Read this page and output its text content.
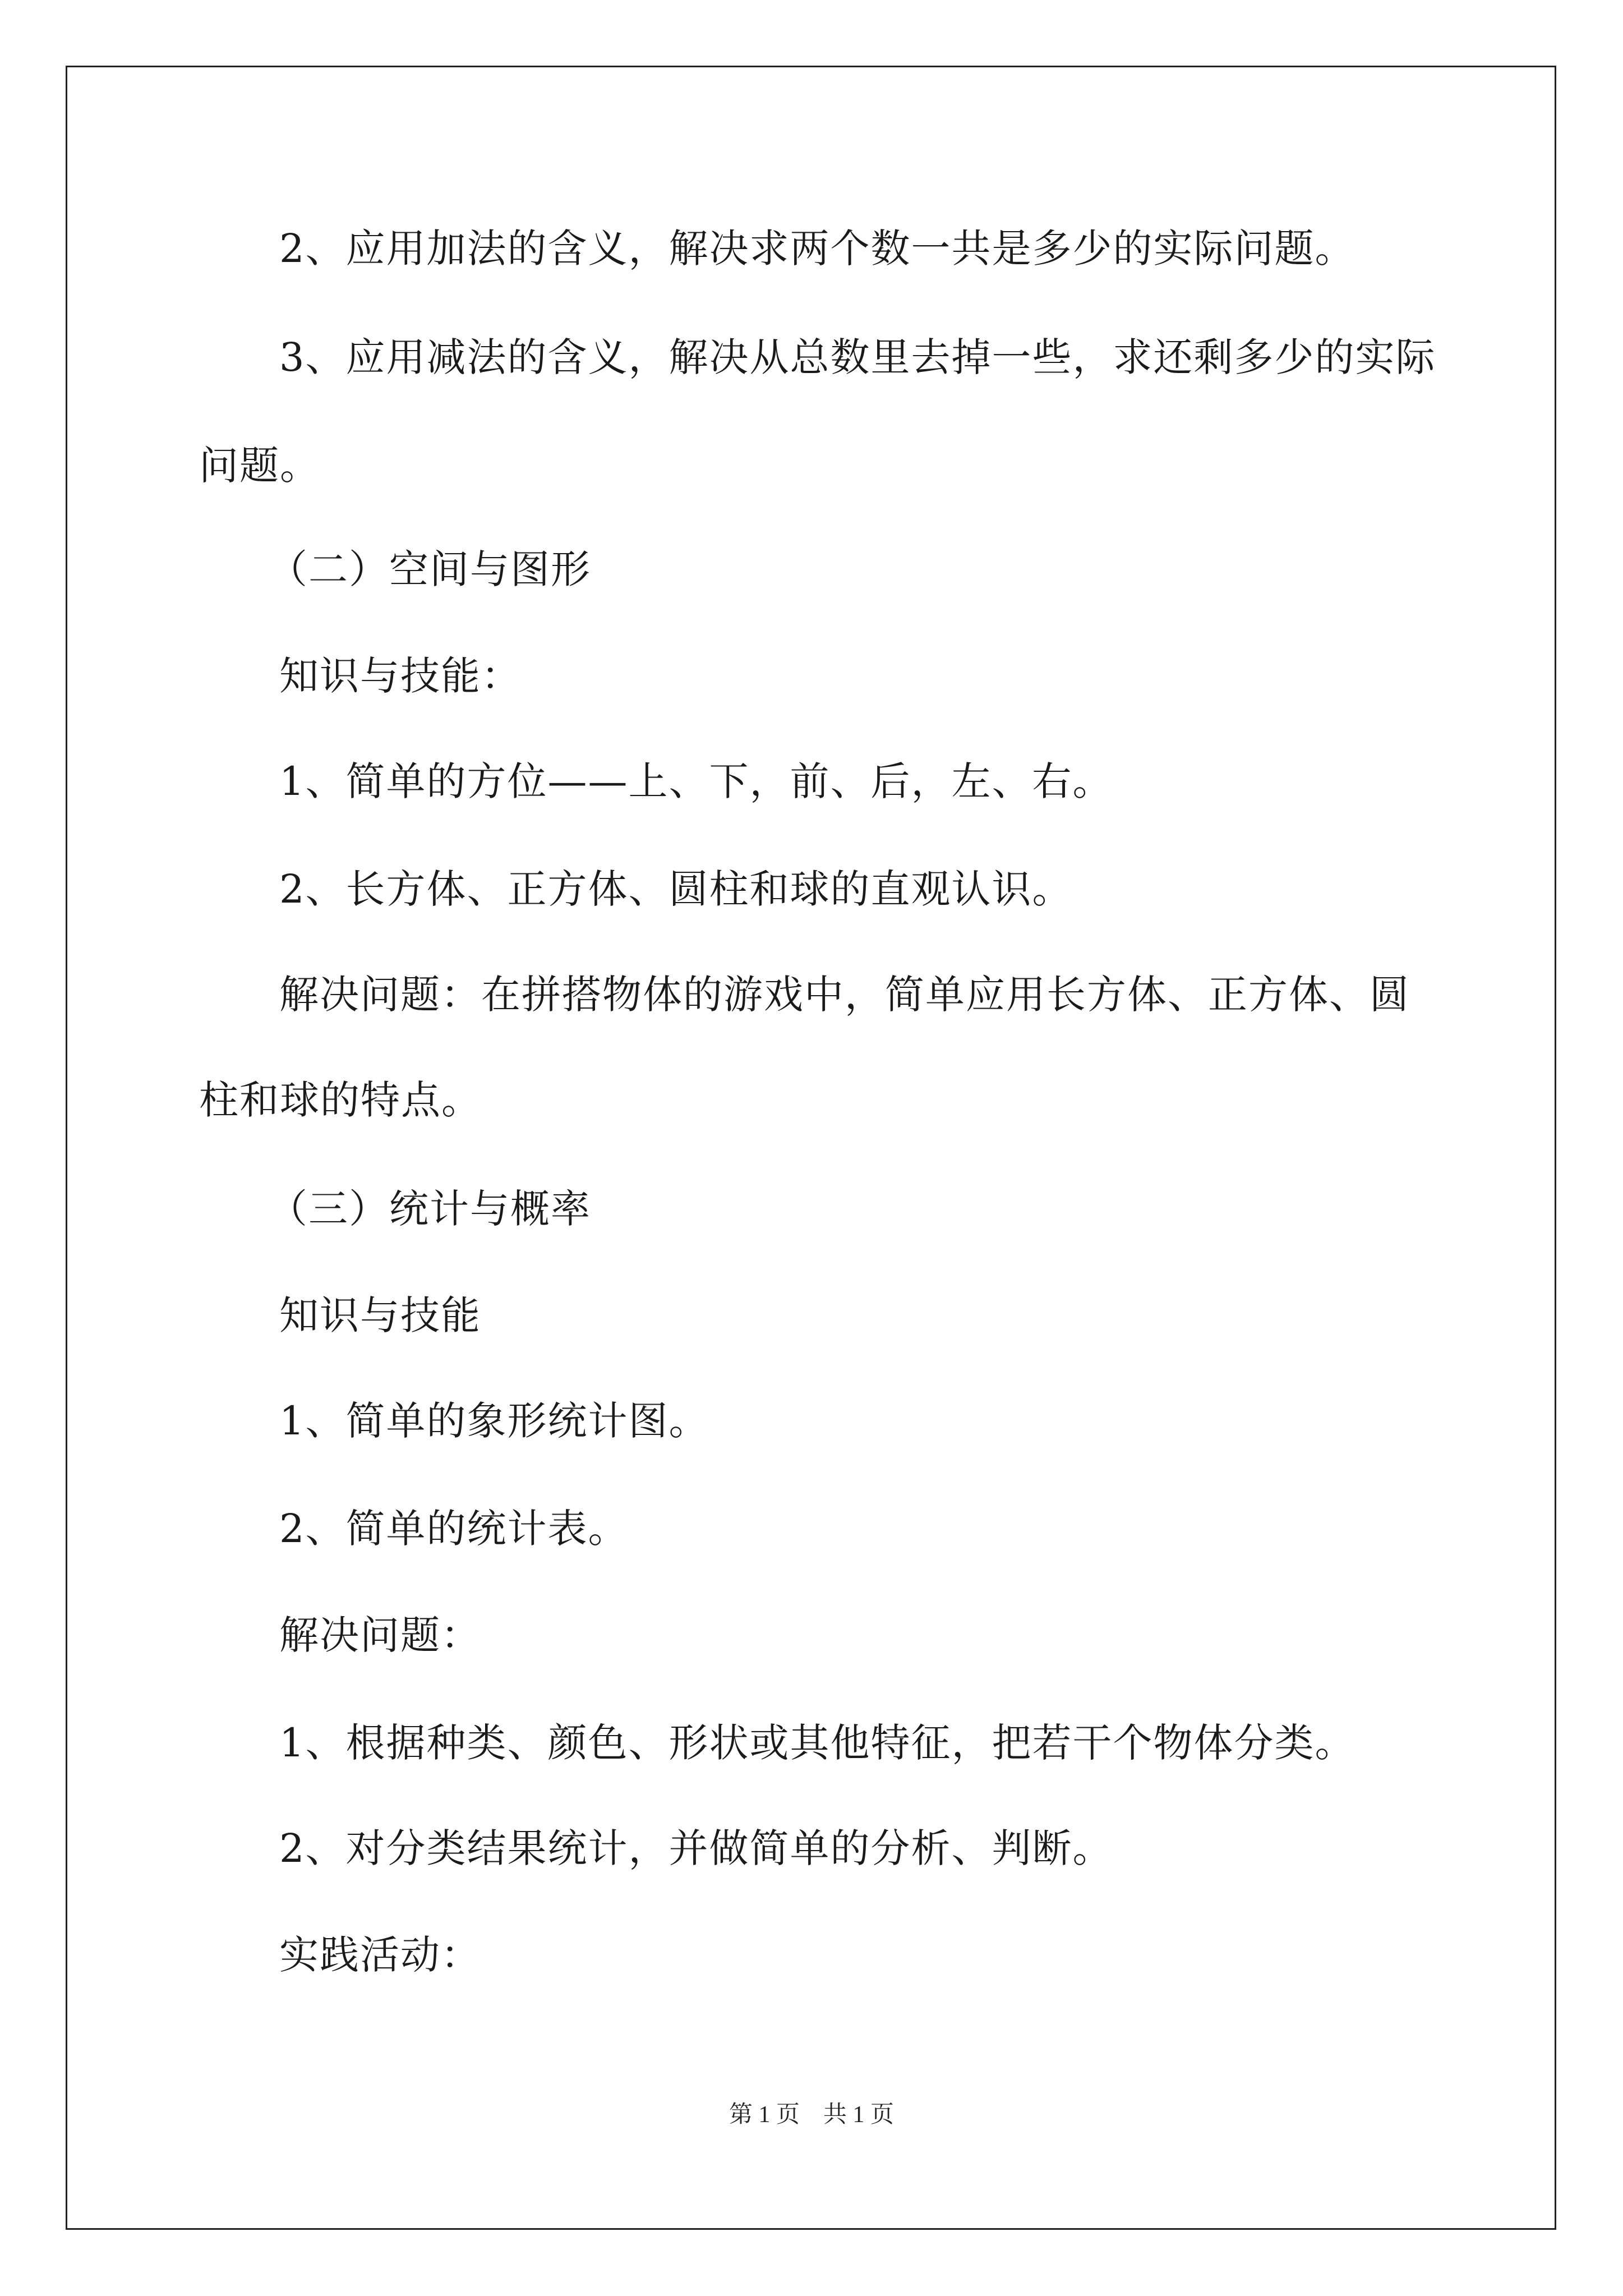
2、应用加法的含义，解决求两个数一共是多少的实际问题。
3、应用减法的含义，解决从总数里去掉一些，求还剩多少的实际
问题。
（二）空间与图形
知识与技能：
1、简单的方位——上、下，前、后，左、右。
2、长方体、正方体、圆柱和球的直观认识。
解决问题：在拼搭物体的游戏中，简单应用长方体、正方体、圆
柱和球的特点。
（三）统计与概率
知识与技能
1、简单的象形统计图。
2、简单的统计表。
解决问题：
1、根据种类、颜色、形状或其他特征，把若干个物体分类。
2、对分类结果统计，并做简单的分析、判断。
实践活动：
第 1 页　共 1 页
